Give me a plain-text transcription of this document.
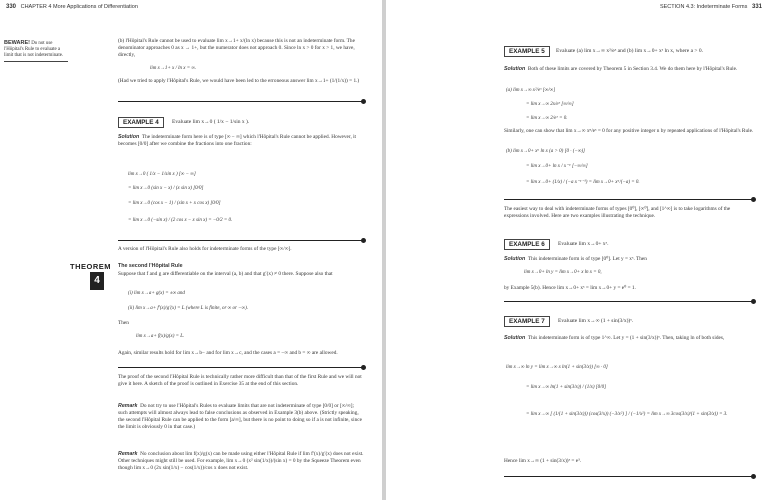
330 CHAPTER 4 More Applications of Differentiation
BEWARE! Do not use l'Hôpital's Rule to evaluate a limit that is not indeterminate.
(b) l'Hôpital's Rule cannot be used to evaluate lim x→1+ x/(ln x) because this is not an indeterminate form. The denominator approaches 0 as x → 1+, but the numerator does not approach 0. Since ln x > 0 for x > 1, we have, directly,
lim x→1+ x / ln x = ∞.
(Had we tried to apply l'Hôpital's Rule, we would have been led to the erroneous answer lim x→1+ (1/(1/x)) = 1.)
EXAMPLE 4	Evaluate lim x→0 ( 1/x − 1/sin x ).
Solution The indeterminate form here is of type [∞ − ∞] which l'Hôpital's Rule cannot be applied. However, it becomes [0/0] after we combine the fractions into one fraction:
lim x→0 ( 1/x − 1/sin x ) [∞ − ∞]
= lim x→0 (sin x − x) / (x sin x) [0/0]
= lim x→0 (cos x − 1) / (sin x + x cos x) [0/0]
= lim x→0 (−sin x) / (2 cos x − x sin x) = −0/2 = 0.
A version of l'Hôpital's Rule also holds for indeterminate forms of the type [∞/∞].
THEOREM
4
The second l'Hôpital Rule
Suppose that f and g are differentiable on the interval (a, b) and that g′(x) ≠ 0 there. Suppose also that
(i) lim x→a+ g(x) = ±∞ and
(ii) lim x→a+ f′(x)/g′(x) = L (where L is finite, or ∞ or −∞).
Then
lim x→a+ f(x)/g(x) = L.
Again, similar results hold for lim x→b− and for lim x→c, and the cases a = −∞ and b = ∞ are allowed.
The proof of the second l'Hôpital Rule is technically rather more difficult than that of the first Rule and we will not give it here. A sketch of the proof is outlined in Exercise 35 at the end of this section.
Remark Do not try to use l'Hôpital's Rules to evaluate limits that are not indeterminate of type [0/0] or [∞/∞]; such attempts will almost always lead to false conclusions as observed in Example 3(b) above. (Strictly speaking, the second l'Hôpital Rule can be applied to the form [a/∞], but there is no point to doing so if a is not infinite, since the limit is obviously 0 in that case.)
Remark No conclusion about lim f(x)/g(x) can be made using either l'Hôpital Rule if lim f′(x)/g′(x) does not exist. Other techniques might still be used. For example, lim x→0 (x² sin(1/x))/(sin x) = 0 by the Squeeze Theorem even though lim x→0 (2x sin(1/x) − cos(1/x))/cos x does not exist.
SECTION 4.3: Indeterminate Forms 331
EXAMPLE 5	Evaluate (a) lim x→∞ x²/eˣ and (b) lim x→0+ xᵃ ln x, where a > 0.
Solution Both of these limits are covered by Theorem 5 in Section 3.4. We do them here by l'Hôpital's Rule.
(a) lim x→∞ x²/eˣ [∞/∞]
= lim x→∞ 2x/eˣ [∞/∞]
= lim x→∞ 2/eˣ = 0.
Similarly, one can show that lim x→∞ xⁿ/eˣ = 0 for any positive integer n by repeated applications of l'Hôpital's Rule.
(b) lim x→0+ xᵃ ln x (a > 0) [0 · (−∞)]
= lim x→0+ ln x / x⁻ᵃ [−∞/∞]
= lim x→0+ (1/x) / (−a x⁻ᵃ⁻¹) = lim x→0+ xᵃ/(−a) = 0.
The easiest way to deal with indeterminate forms of types [0⁰], [∞⁰], and [1^∞] is to take logarithms of the expressions involved. Here are two examples illustrating the technique.
EXAMPLE 6	Evaluate lim x→0+ xˣ.
Solution This indeterminate form is of type [0⁰]. Let y = xˣ. Then
lim x→0+ ln y = lim x→0+ x ln x = 0,
by Example 5(b). Hence lim x→0+ xˣ = lim x→0+ y = e⁰ = 1.
EXAMPLE 7	Evaluate lim x→∞ (1 + sin(3/x))ˣ.
Solution This indeterminate form is of type 1^∞. Let y = (1 + sin(3/x))ˣ. Then, taking ln of both sides,
lim x→∞ ln y = lim x→∞ x ln(1 + sin(3/x)) [∞ · 0]
= lim x→∞ ln(1 + sin(3/x)) / (1/x) [0/0]
= lim x→∞ [ (1/(1 + sin(3/x))) (cos(3/x)) (−3/x²) ] / (−1/x²) = lim x→∞ 3cos(3/x)/(1 + sin(3/x)) = 3.
Hence lim x→∞ (1 + sin(3/x))ˣ = e³.
